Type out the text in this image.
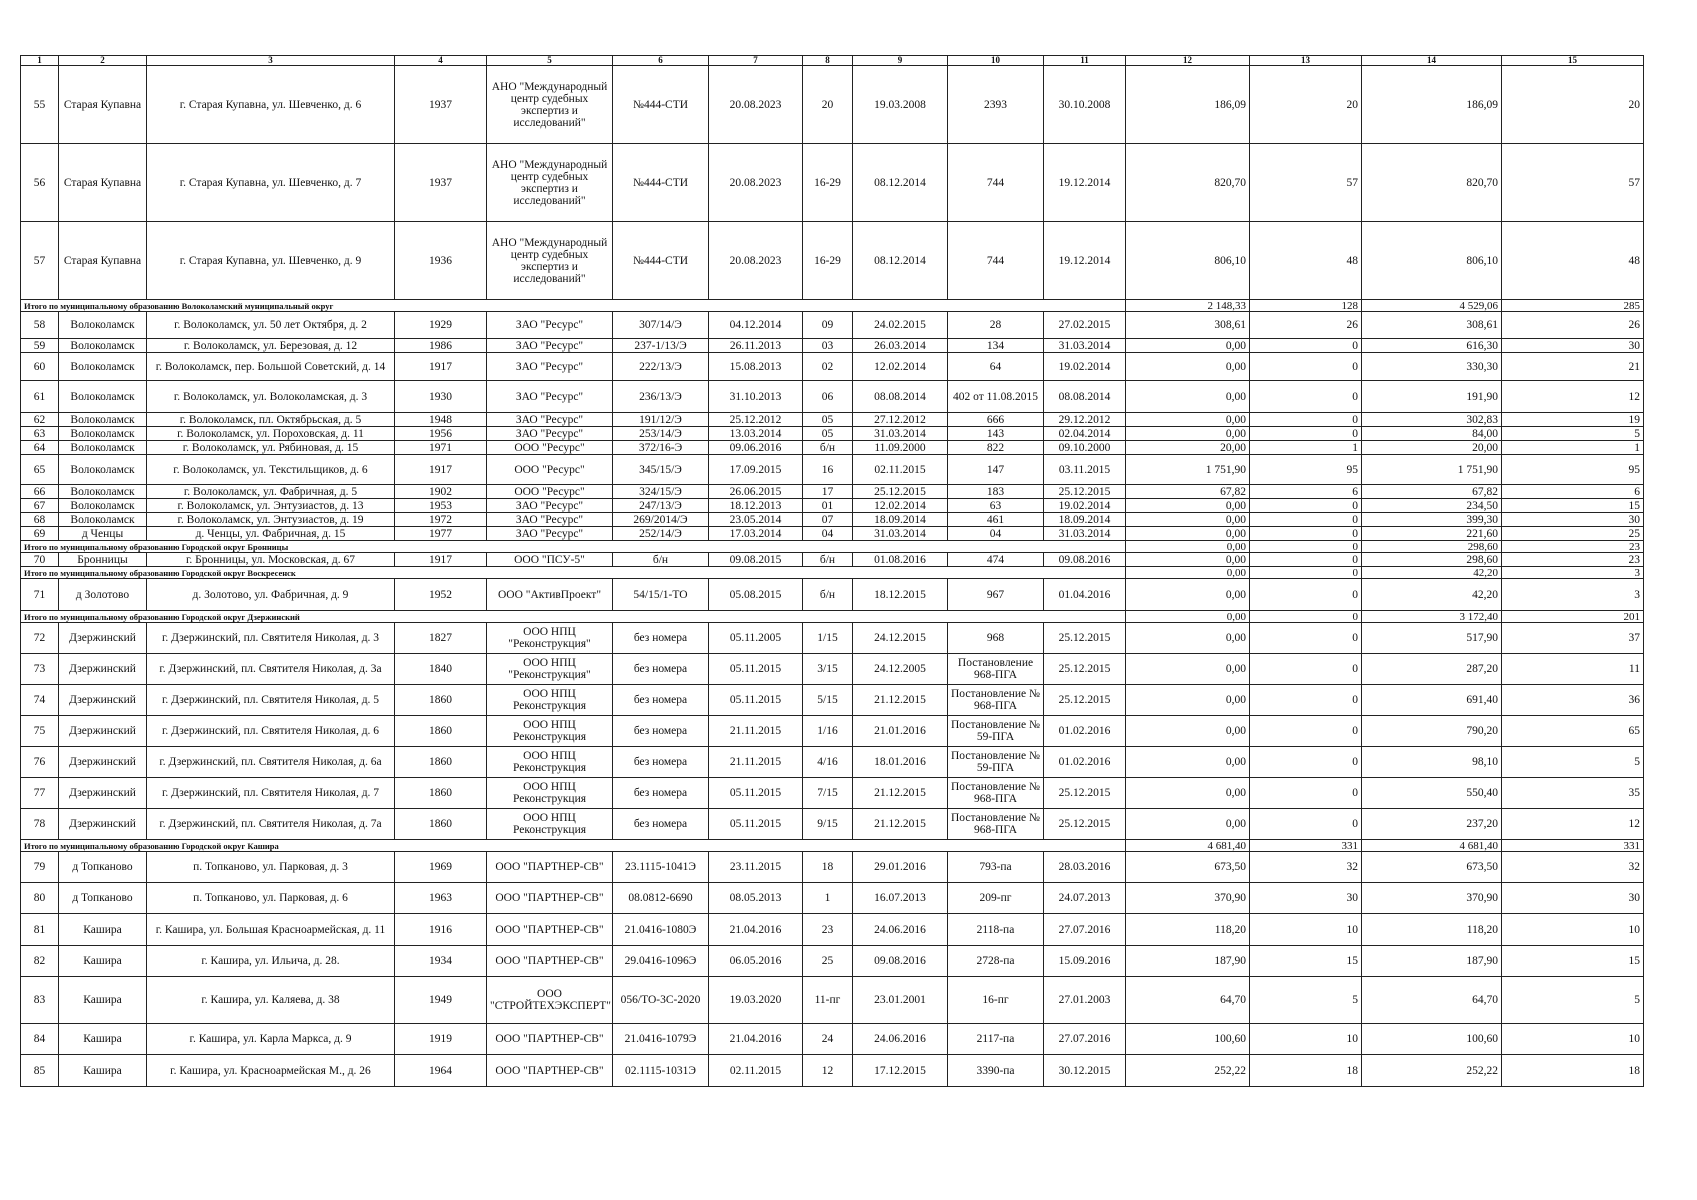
1	2	3	4	5	6	7	8	9	10	11	12	13	14	15
55	Старая Купавна	г. Старая Купавна, ул. Шевченко, д. 6	1937	АНО "Международный центр судебных экспертиз и исследований"	№444-СТИ	20.08.2023	20	19.03.2008	2393	30.10.2008	186,09	20	186,09	20
56	Старая Купавна	г. Старая Купавна, ул. Шевченко, д. 7	1937	АНО "Международный центр судебных экспертиз и исследований"	№444-СТИ	20.08.2023	16-29	08.12.2014	744	19.12.2014	820,70	57	820,70	57
57	Старая Купавна	г. Старая Купавна, ул. Шевченко, д. 9	1936	АНО "Международный центр судебных экспертиз и исследований"	№444-СТИ	20.08.2023	16-29	08.12.2014	744	19.12.2014	806,10	48	806,10	48
Итого по муниципальному образованию Волоколамский муниципальный округ											2 148,33	128	4 529,06	285
58	Волоколамск	г. Волоколамск, ул. 50 лет Октября, д. 2	1929	ЗАО "Ресурс"	307/14/Э	04.12.2014	09	24.02.2015	28	27.02.2015	308,61	26	308,61	26
59	Волоколамск	г. Волоколамск, ул. Березовая, д. 12	1986	ЗАО "Ресурс"	237-1/13/Э	26.11.2013	03	26.03.2014	134	31.03.2014	0,00	0	616,30	30
60	Волоколамск	г. Волоколамск, пер. Большой Советский, д. 14	1917	ЗАО "Ресурс"	222/13/Э	15.08.2013	02	12.02.2014	64	19.02.2014	0,00	0	330,30	21
61	Волоколамск	г. Волоколамск, ул. Волоколамская, д. 3	1930	ЗАО "Ресурс"	236/13/Э	31.10.2013	06	08.08.2014	402 от 11.08.2015	08.08.2014	0,00	0	191,90	12
62	Волоколамск	г. Волоколамск, пл. Октябрьская, д. 5	1948	ЗАО "Ресурс"	191/12/Э	25.12.2012	05	27.12.2012	666	29.12.2012	0,00	0	302,83	19
63	Волоколамск	г. Волоколамск, ул. Пороховская, д. 11	1956	ЗАО "Ресурс"	253/14/Э	13.03.2014	05	31.03.2014	143	02.04.2014	0,00	0	84,00	5
64	Волоколамск	г. Волоколамск, ул. Рябиновая, д. 15	1971	ООО "Ресурс"	372/16-Э	09.06.2016	б/н	11.09.2000	822	09.10.2000	20,00	1	20,00	1
65	Волоколамск	г. Волоколамск, ул. Текстильщиков, д. 6	1917	ООО "Ресурс"	345/15/Э	17.09.2015	16	02.11.2015	147	03.11.2015	1 751,90	95	1 751,90	95
66	Волоколамск	г. Волоколамск, ул. Фабричная, д. 5	1902	ООО "Ресурс"	324/15/Э	26.06.2015	17	25.12.2015	183	25.12.2015	67,82	6	67,82	6
67	Волоколамск	г. Волоколамск, ул. Энтузиастов, д. 13	1953	ЗАО "Ресурс"	247/13/Э	18.12.2013	01	12.02.2014	63	19.02.2014	0,00	0	234,50	15
68	Волоколамск	г. Волоколамск, ул. Энтузиастов, д. 19	1972	ЗАО "Ресурс"	269/2014/Э	23.05.2014	07	18.09.2014	461	18.09.2014	0,00	0	399,30	30
69	д Ченцы	д. Ченцы, ул. Фабричная, д. 15	1977	ЗАО "Ресурс"	252/14/Э	17.03.2014	04	31.03.2014	04	31.03.2014	0,00	0	221,60	25
Итого по муниципальному образованию Городской округ Бронницы											0,00	0	298,60	23
70	Бронницы	г. Бронницы, ул. Московская, д. 67	1917	ООО "ПСУ-5"	б/н	09.08.2015	б/н	01.08.2016	474	09.08.2016	0,00	0	298,60	23
Итого по муниципальному образованию Городской округ Воскресенск											0,00	0	42,20	3
71	д Золотово	д. Золотово, ул. Фабричная, д. 9	1952	ООО "АктивПроект"	54/15/1-ТО	05.08.2015	б/н	18.12.2015	967	01.04.2016	0,00	0	42,20	3
Итого по муниципальному образованию Городской округ Дзержинский											0,00	0	3 172,40	201
72	Дзержинский	г. Дзержинский, пл. Святителя Николая, д. 3	1827	ООО НПЦ "Реконструкция"	без номера	05.11.2005	1/15	24.12.2015	968	25.12.2015	0,00	0	517,90	37
73	Дзержинский	г. Дзержинский, пл. Святителя Николая, д. 3а	1840	ООО НПЦ "Реконструкция"	без номера	05.11.2015	3/15	24.12.2005	Постановление 968-ПГА	25.12.2015	0,00	0	287,20	11
74	Дзержинский	г. Дзержинский, пл. Святителя Николая, д. 5	1860	ООО НПЦ Реконструкция	без номера	05.11.2015	5/15	21.12.2015	Постановление № 968-ПГА	25.12.2015	0,00	0	691,40	36
75	Дзержинский	г. Дзержинский, пл. Святителя Николая, д. 6	1860	ООО НПЦ Реконструкция	без номера	21.11.2015	1/16	21.01.2016	Постановление № 59-ПГА	01.02.2016	0,00	0	790,20	65
76	Дзержинский	г. Дзержинский, пл. Святителя Николая, д. 6а	1860	ООО НПЦ Реконструкция	без номера	21.11.2015	4/16	18.01.2016	Постановление № 59-ПГА	01.02.2016	0,00	0	98,10	5
77	Дзержинский	г. Дзержинский, пл. Святителя Николая, д. 7	1860	ООО НПЦ Реконструкция	без номера	05.11.2015	7/15	21.12.2015	Постановление № 968-ПГА	25.12.2015	0,00	0	550,40	35
78	Дзержинский	г. Дзержинский, пл. Святителя Николая, д. 7а	1860	ООО НПЦ Реконструкция	без номера	05.11.2015	9/15	21.12.2015	Постановление № 968-ПГА	25.12.2015	0,00	0	237,20	12
Итого по муниципальному образованию Городской округ Кашира											4 681,40	331	4 681,40	331
79	д Топканово	п. Топканово, ул. Парковая, д. 3	1969	ООО "ПАРТНЕР-СВ"	23.1115-1041Э	23.11.2015	18	29.01.2016	793-па	28.03.2016	673,50	32	673,50	32
80	д Топканово	п. Топканово, ул. Парковая, д. 6	1963	ООО "ПАРТНЕР-СВ"	08.0812-6690	08.05.2013	1	16.07.2013	209-пг	24.07.2013	370,90	30	370,90	30
81	Кашира	г. Кашира, ул. Большая Красноармейская, д. 11	1916	ООО "ПАРТНЕР-СВ"	21.0416-1080Э	21.04.2016	23	24.06.2016	2118-па	27.07.2016	118,20	10	118,20	10
82	Кашира	г. Кашира, ул. Ильича, д. 28.	1934	ООО "ПАРТНЕР-СВ"	29.0416-1096Э	06.05.2016	25	09.08.2016	2728-па	15.09.2016	187,90	15	187,90	15
83	Кашира	г. Кашира, ул. Каляева, д. 38	1949	ООО "СТРОЙТЕХЭКСПЕРТ"	056/ТО-3С-2020	19.03.2020	11-пг	23.01.2001	16-пг	27.01.2003	64,70	5	64,70	5
84	Кашира	г. Кашира, ул. Карла Маркса, д. 9	1919	ООО "ПАРТНЕР-СВ"	21.0416-1079Э	21.04.2016	24	24.06.2016	2117-па	27.07.2016	100,60	10	100,60	10
85	Кашира	г. Кашира, ул. Красноармейская М., д. 26	1964	ООО "ПАРТНЕР-СВ"	02.1115-1031Э	02.11.2015	12	17.12.2015	3390-па	30.12.2015	252,22	18	252,22	18
